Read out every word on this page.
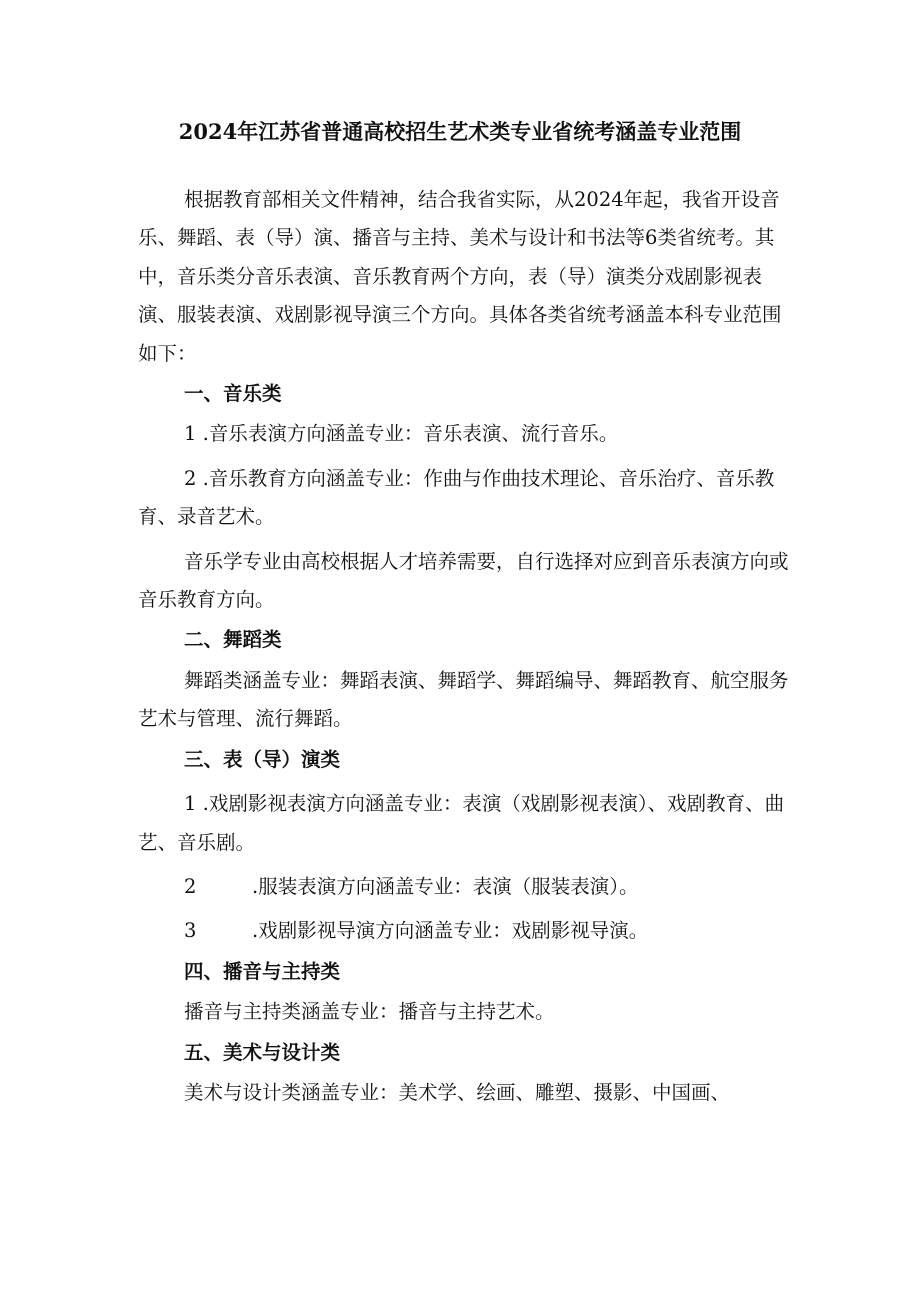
2024年江苏省普通高校招生艺术类专业省统考涵盖专业范围

根据教育部相关文件精神，结合我省实际，从2024年起，我省开设音乐、舞蹈、表（导）演、播音与主持、美术与设计和书法等6类省统考。其中，音乐类分音乐表演、音乐教育两个方向，表（导）演类分戏剧影视表演、服装表演、戏剧影视导演三个方向。具体各类省统考涵盖本科专业范围如下：

一、音乐类

1 .音乐表演方向涵盖专业：音乐表演、流行音乐。

2 .音乐教育方向涵盖专业：作曲与作曲技术理论、音乐治疗、音乐教育、录音艺术。

音乐学专业由高校根据人才培养需要，自行选择对应到音乐表演方向或音乐教育方向。

二、舞蹈类

舞蹈类涵盖专业：舞蹈表演、舞蹈学、舞蹈编导、舞蹈教育、航空服务艺术与管理、流行舞蹈。

三、表（导）演类

1 .戏剧影视表演方向涵盖专业：表演（戏剧影视表演）、戏剧教育、曲艺、音乐剧。

2	.服装表演方向涵盖专业：表演（服装表演）。

3	.戏剧影视导演方向涵盖专业：戏剧影视导演。

四、播音与主持类

播音与主持类涵盖专业：播音与主持艺术。

五、美术与设计类

美术与设计类涵盖专业：美术学、绘画、雕塑、摄影、中国画、
